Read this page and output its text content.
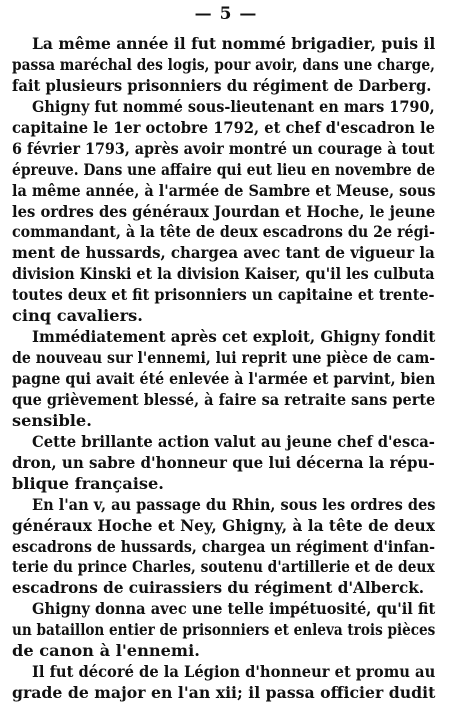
— 5 —
La même année il fut nommé brigadier, puis il
passa maréchal des logis, pour avoir, dans une charge,
fait plusieurs prisonniers du régiment de Darberg.
Ghigny fut nommé sous-lieutenant en mars 1790,
capitaine le 1er octobre 1792, et chef d'escadron le
6 février 1793, après avoir montré un courage à tout
épreuve. Dans une affaire qui eut lieu en novembre de
la même année, à l'armée de Sambre et Meuse, sous
les ordres des généraux Jourdan et Hoche, le jeune
commandant, à la tête de deux escadrons du 2e régi-
ment de hussards, chargea avec tant de vigueur la
division Kinski et la division Kaiser, qu'il les culbuta
toutes deux et fit prisonniers un capitaine et trente-
cinq cavaliers.
Immédiatement après cet exploit, Ghigny fondit
de nouveau sur l'ennemi, lui reprit une pièce de cam-
pagne qui avait été enlevée à l'armée et parvint, bien
que grièvement blessé, à faire sa retraite sans perte
sensible.
Cette brillante action valut au jeune chef d'esca-
dron, un sabre d'honneur que lui décerna la répu-
blique française.
En l'an v, au passage du Rhin, sous les ordres des
généraux Hoche et Ney, Ghigny, à la tête de deux
escadrons de hussards, chargea un régiment d'infan-
terie du prince Charles, soutenu d'artillerie et de deux
escadrons de cuirassiers du régiment d'Alberck.
Ghigny donna avec une telle impétuosité, qu'il fit
un bataillon entier de prisonniers et enleva trois pièces
de canon à l'ennemi.
Il fut décoré de la Légion d'honneur et promu au
grade de major en l'an xii; il passa officier dudit
